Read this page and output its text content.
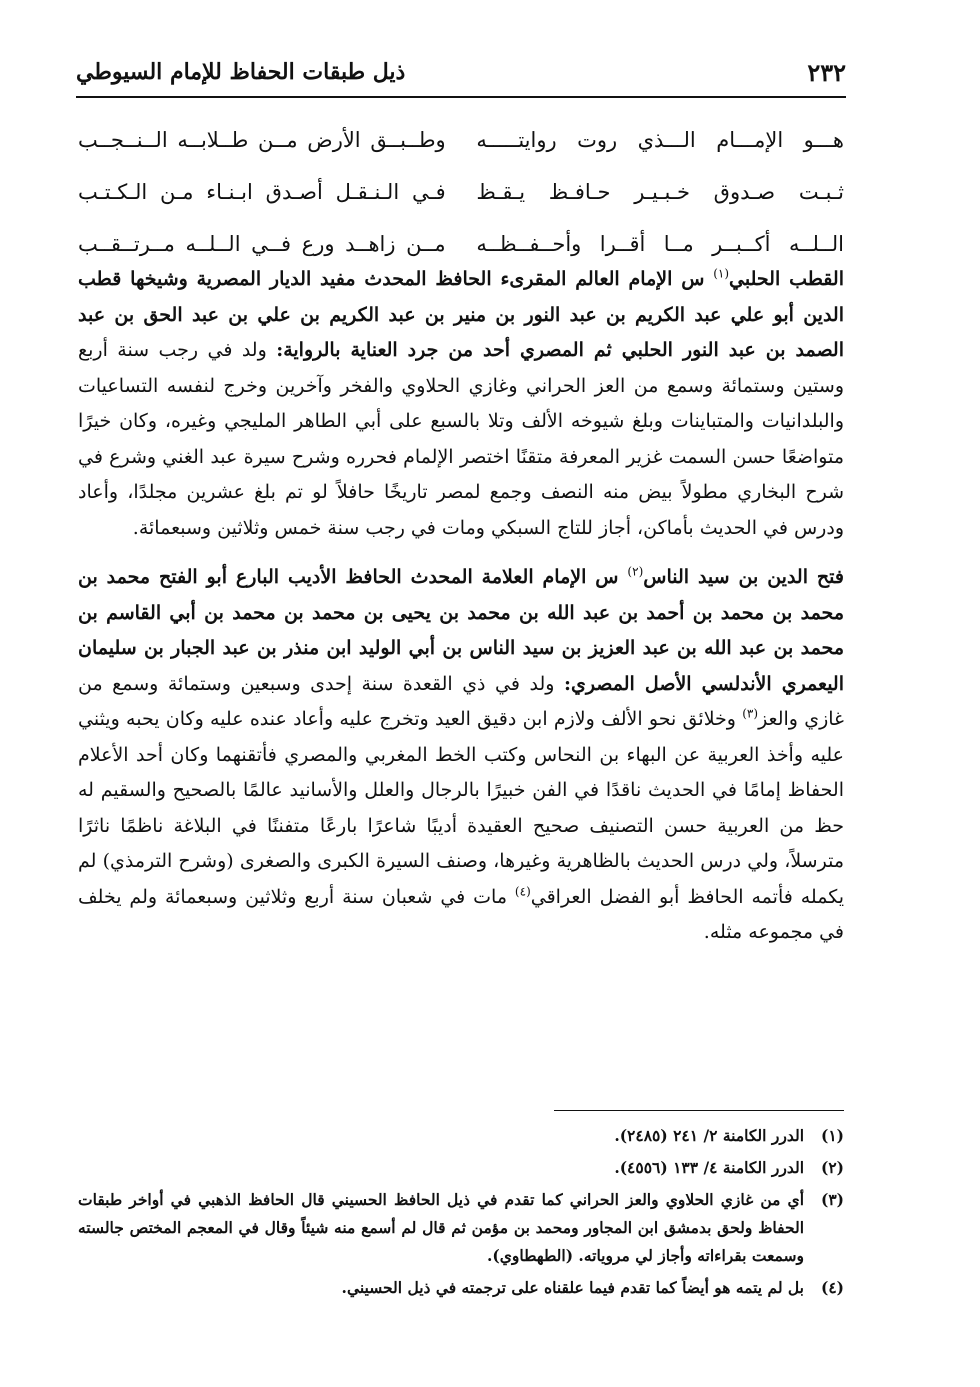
٢٣٢
ذيل طبقات الحفاظ للإمام السيوطي
هـــو الإمـــام الـــذي روت روايتـــــه
وطــبــق الأرض مــن طــلابــه الــنــجــب
ثـبـت صـدوق خـبـيـر حـافـظ يـقـظ
فـي الـنـقـل أصـدق ابـنـاء مـن الـكـتـب
الــلــه أكــبــر مــا أقــرا وأحــفــظــه
مــن زاهــد ورع فــي الــلــه مــرتــقــب

القطب الحلبي$^{(١)}$ س الإمام العالم المقرىء الحافظ المحدث مفيد الديار المصرية وشيخها قطب الدين أبو علي عبد الكريم بن عبد النور بن منير بن عبد الكريم بن علي بن عبد الحق بن عبد الصمد بن عبد النور الحلبي ثم المصري أحد من جرد العناية بالرواية: ولد في رجب سنة أربع وستين وستمائة وسمع من العز الحراني وغازي الحلاوي والفخر وآخرين وخرج لنفسه التساعيات والبلدانيات والمتباينات وبلغ شيوخه الألف وتلا بالسبع على أبي الطاهر المليجي وغيره، وكان خيرًا متواضعًا حسن السمت غزير المعرفة متقنًا اختصر الإلمام فحرره وشرح سيرة عبد الغني وشرع في شرح البخاري مطولاً بيض منه النصف وجمع لمصر تاريخًا حافلاً لو تم بلغ عشرين مجلدًا، وأعاد ودرس في الحديث بأماكن، أجاز للتاج السبكي ومات في رجب سنة خمس وثلاثين وسبعمائة.

فتح الدين بن سيد الناس$^{(٢)}$ س الإمام العلامة المحدث الحافظ الأديب البارع أبو الفتح محمد بن محمد بن محمد بن أحمد بن عبد الله بن محمد بن يحيى بن محمد بن محمد بن أبي القاسم بن محمد بن عبد الله بن عبد العزيز بن سيد الناس بن أبي الوليد ابن منذر بن عبد الجبار بن سليمان اليعمري الأندلسي الأصل المصري: ولد في ذي القعدة سنة إحدى وسبعين وستمائة وسمع من غازي والعز$^{(٣)}$ وخلائق نحو الألف ولازم ابن دقيق العيد وتخرج عليه وأعاد عنده عليه وكان يحبه ويثني عليه وأخذ العربية عن البهاء بن النحاس وكتب الخط المغربي والمصري فأتقنهما وكان أحد الأعلام الحفاظ إمامًا في الحديث ناقدًا في الفن خبيرًا بالرجال والعلل والأسانيد عالمًا بالصحيح والسقيم له حظ من العربية حسن التصنيف صحيح العقيدة أديبًا شاعرًا بارعًا متفننًا في البلاغة ناظمًا ناثرًا مترسلاً، ولي درس الحديث بالظاهرية وغيرها، وصنف السيرة الكبرى والصغرى (وشرح الترمذي) لم يكمله فأتمه الحافظ أبو الفضل العراقي$^{(٤)}$ مات في شعبان سنة أربع وثلاثين وسبعمائة ولم يخلف في مجموعه مثله.

(١)
الدرر الكامنة ٢/ ٢٤١ (٢٤٨٥).
(٢)
الدرر الكامنة ٤/ ١٣٣ (٤٥٥٦).
(٣)
أي من غازي الحلاوي والعز الحراني كما تقدم في ذيل الحافظ الحسيني قال الحافظ الذهبي في أواخر طبقات الحفاظ ولحق بدمشق ابن المجاور ومحمد بن مؤمن ثم قال لم أسمع منه شيئاً وقال في المعجم المختص جالسته وسمعت بقراءاته وأجاز لي مروياته. (الطهطاوي).
(٤)
بل لم يتمه هو أيضاً كما تقدم فيما علقناه على ترجمته في ذيل الحسيني.
